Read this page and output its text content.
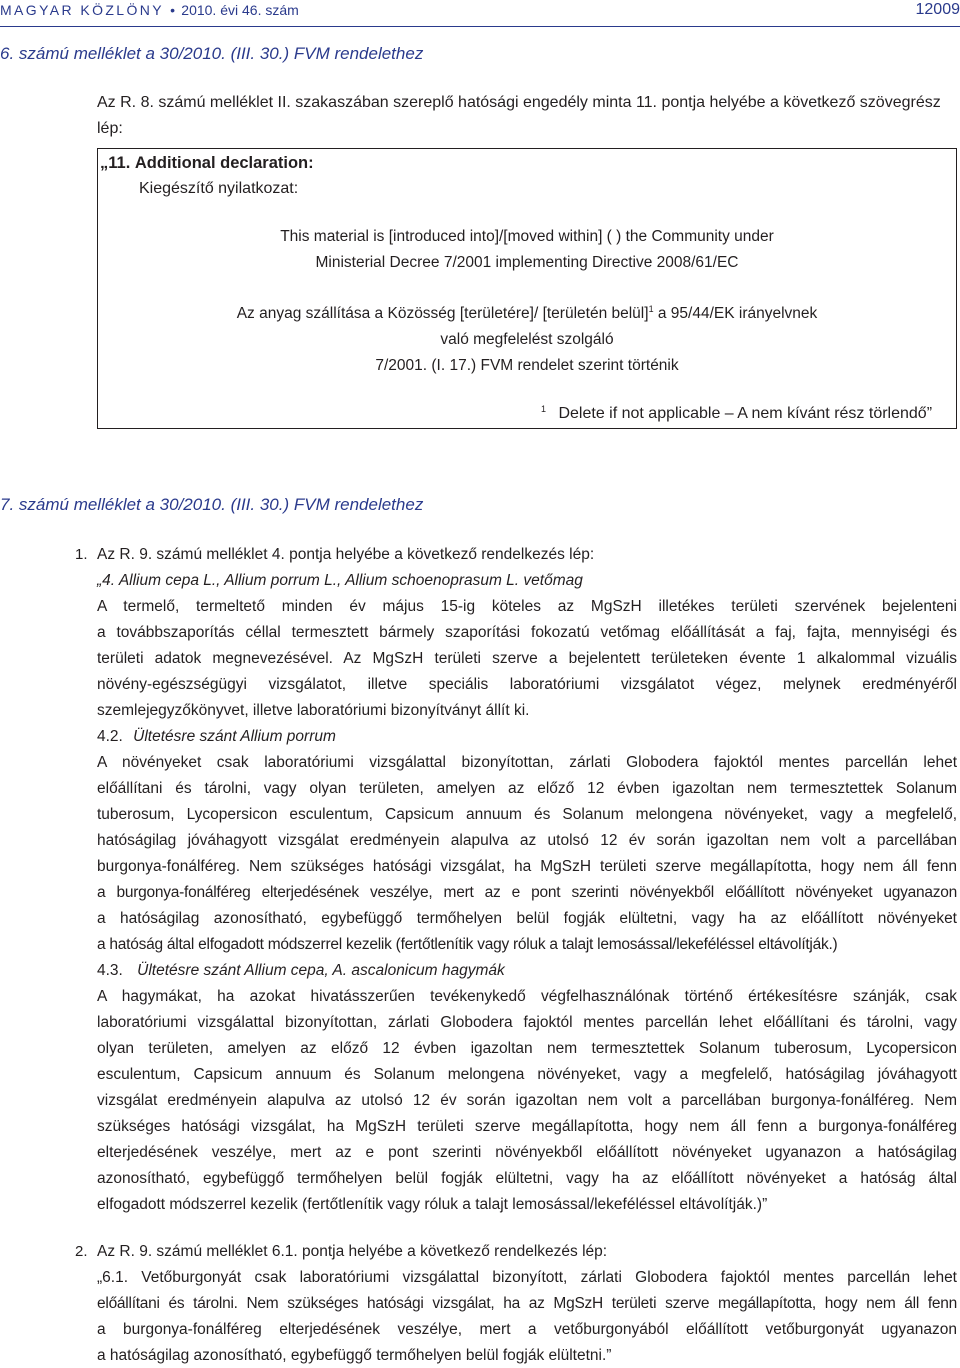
MAGYAR KÖZLÖNY • 2010. évi 46. szám	12009
6. számú melléklet a 30/2010. (III. 30.) FVM rendelethez
Az R. 8. számú melléklet II. szakaszában szereplő hatósági engedély minta 11. pontja helyébe a következő szövegrész
lép:
„11. Additional declaration:
Kiegészítő nyilatkozat:
This material is [introduced into]/[moved within] ( ) the Community under
Ministerial Decree 7/2001 implementing Directive 2008/61/EC
Az anyag szállítása a Közösség [területére]/ [területén belül]$^1$ a 95/44/EK irányelvnek
való megfelelést szolgáló
7/2001. (I. 17.) FVM rendelet szerint történik
$^1$ Delete if not applicable – A nem kívánt rész törlendő”
7. számú melléklet a 30/2010. (III. 30.) FVM rendelethez
1. Az R. 9. számú melléklet 4. pontja helyébe a következő rendelkezés lép:
„4. Allium cepa L., Allium porrum L., Allium schoenoprasum L. vetőmag
A termelő, termeltető minden év május 15-ig köteles az MgSzH illetékes területi szervének bejelenteni
a továbbszaporítás céllal termesztett bármely szaporítási fokozatú vetőmag előállítását a faj, fajta, mennyiségi és
területi adatok megnevezésével. Az MgSzH területi szerve a bejelentett területeken évente 1 alkalommal vizuális
növény-egészségügyi vizsgálatot, illetve speciális laboratóriumi vizsgálatot végez, melynek eredményéről
szemlejegyzőkönyvet, illetve laboratóriumi bizonyítványt állít ki.
4.2. Ültetésre szánt Allium porrum
A növényeket csak laboratóriumi vizsgálattal bizonyítottan, zárlati Globodera fajoktól mentes parcellán lehet
előállítani és tárolni, vagy olyan területen, amelyen az előző 12 évben igazoltan nem termesztettek Solanum
tuberosum, Lycopersicon esculentum, Capsicum annuum és Solanum melongena növényeket, vagy a megfelelő,
hatóságilag jóváhagyott vizsgálat eredményein alapulva az utolsó 12 év során igazoltan nem volt a parcellában
burgonya-fonálféreg. Nem szükséges hatósági vizsgálat, ha MgSzH területi szerve megállapította, hogy nem áll fenn
a burgonya-fonálféreg elterjedésének veszélye, mert az e pont szerinti növényekből előállított növényeket ugyanazon
a hatóságilag azonosítható, egybefüggő termőhelyen belül fogják elültetni, vagy ha az előállított növényeket
a hatóság által elfogadott módszerrel kezelik (fertőtlenítik vagy róluk a talajt lemosással/lekeféléssel eltávolítják.)
4.3. Ültetésre szánt Allium cepa, A. ascalonicum hagymák
A hagymákat, ha azokat hivatásszerűen tevékenykedő végfelhasználónak történő értékesítésre szánják, csak
laboratóriumi vizsgálattal bizonyítottan, zárlati Globodera fajoktól mentes parcellán lehet előállítani és tárolni, vagy
olyan területen, amelyen az előző 12 évben igazoltan nem termesztettek Solanum tuberosum, Lycopersicon
esculentum, Capsicum annuum és Solanum melongena növényeket, vagy a megfelelő, hatóságilag jóváhagyott
vizsgálat eredményein alapulva az utolsó 12 év során igazoltan nem volt a parcellában burgonya-fonálféreg. Nem
szükséges hatósági vizsgálat, ha MgSzH területi szerve megállapította, hogy nem áll fenn a burgonya-fonálféreg
elterjedésének veszélye, mert az e pont szerinti növényekből előállított növényeket ugyanazon a hatóságilag
azonosítható, egybefüggő termőhelyen belül fogják elültetni, vagy ha az előállított növényeket a hatóság által
elfogadott módszerrel kezelik (fertőtlenítik vagy róluk a talajt lemosással/lekeféléssel eltávolítják.)”
2. Az R. 9. számú melléklet 6.1. pontja helyébe a következő rendelkezés lép:
„6.1. Vetőburgonyát csak laboratóriumi vizsgálattal bizonyított, zárlati Globodera fajoktól mentes parcellán lehet
előállítani és tárolni. Nem szükséges hatósági vizsgálat, ha az MgSzH területi szerve megállapította, hogy nem áll fenn
a burgonya-fonálféreg elterjedésének veszélye, mert a vetőburgonyából előállított vetőburgonyát ugyanazon
a hatóságilag azonosítható, egybefüggő termőhelyen belül fogják elültetni.”
